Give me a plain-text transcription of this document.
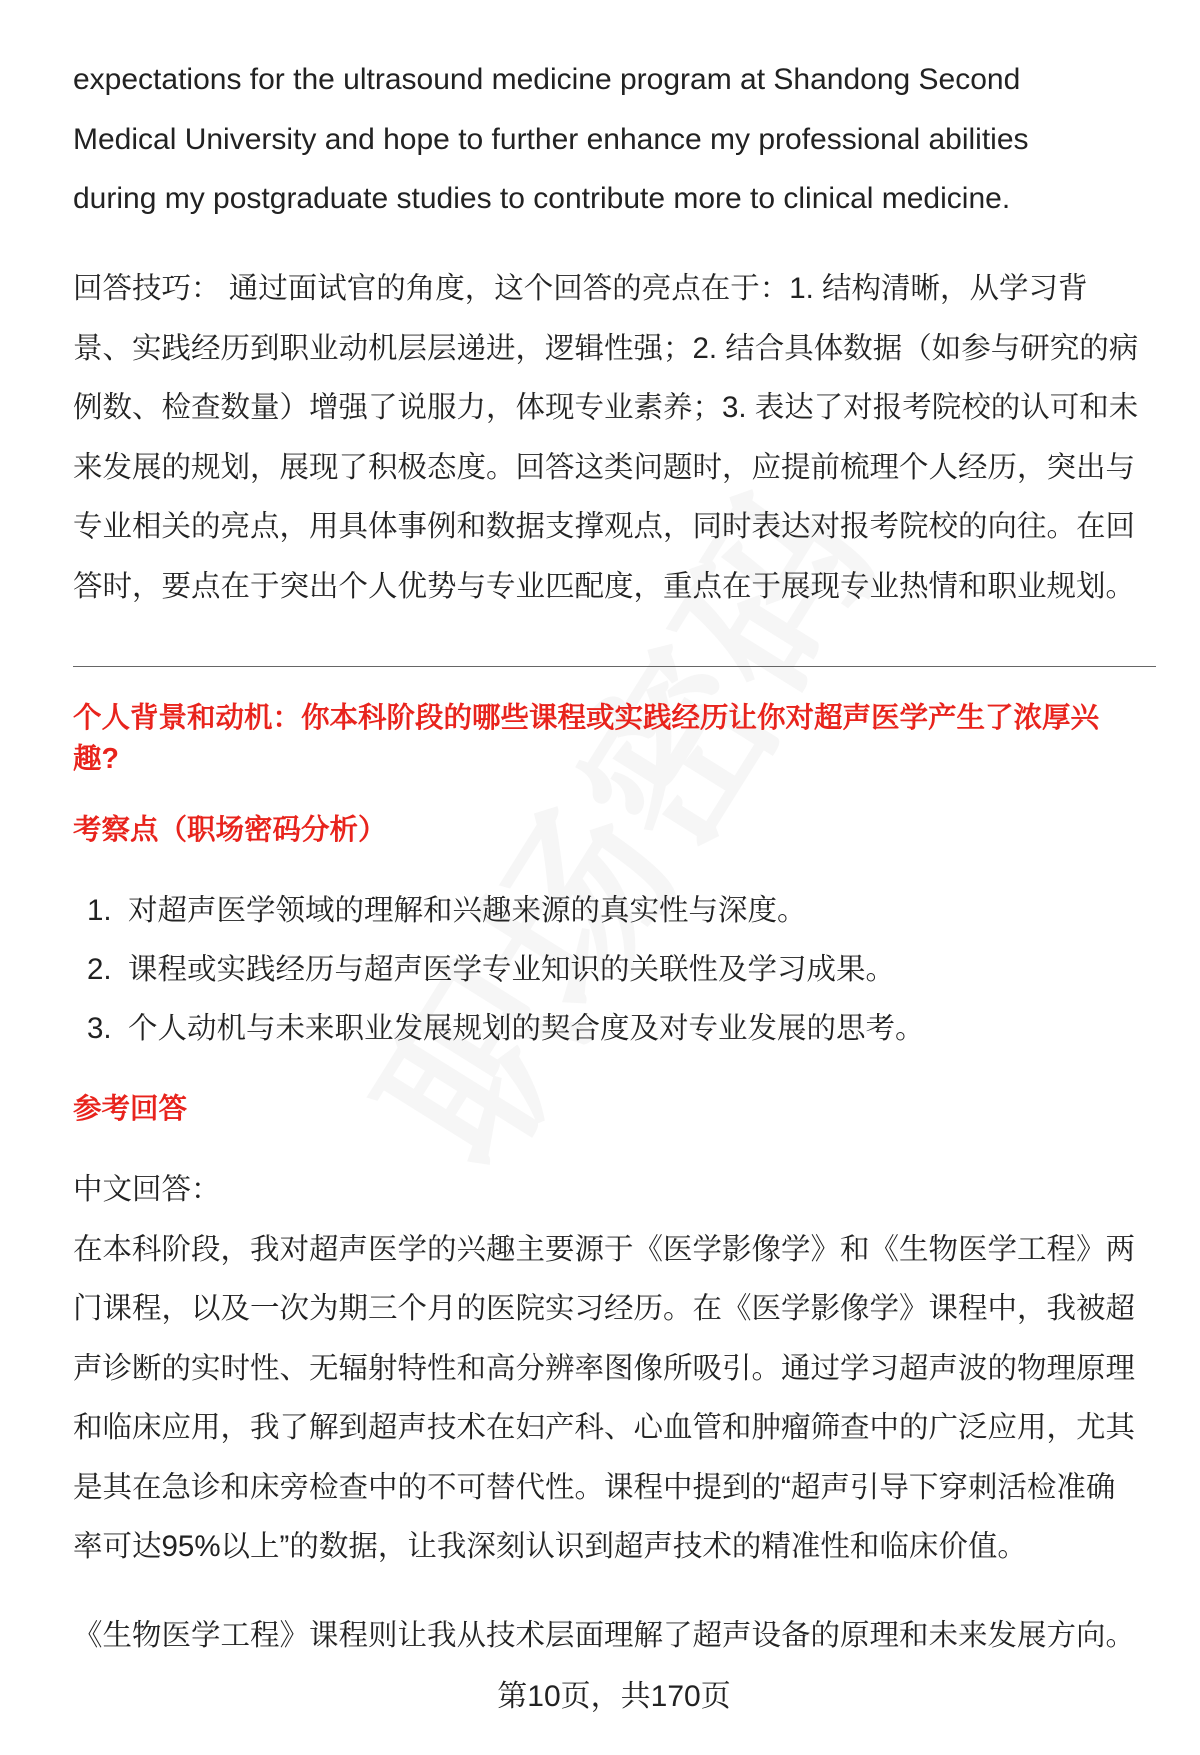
expectations for the ultrasound medicine program at Shandong Second
Medical University and hope to further enhance my professional abilities
during my postgraduate studies to contribute more to clinical medicine.
回答技巧： 通过面试官的角度，这个回答的亮点在于：1. 结构清晰，从学习背
景、实践经历到职业动机层层递进，逻辑性强；2. 结合具体数据（如参与研究的病
例数、检查数量）增强了说服力，体现专业素养；3. 表达了对报考院校的认可和未
来发展的规划，展现了积极态度。回答这类问题时，应提前梳理个人经历，突出与
专业相关的亮点，用具体事例和数据支撑观点，同时表达对报考院校的向往。在回
答时，要点在于突出个人优势与专业匹配度，重点在于展现专业热情和职业规划。
个人背景和动机：你本科阶段的哪些课程或实践经历让你对超声医学产生了浓厚兴
趣?
考察点（职场密码分析）
1. 对超声医学领域的理解和兴趣来源的真实性与深度。
2. 课程或实践经历与超声医学专业知识的关联性及学习成果。
3. 个人动机与未来职业发展规划的契合度及对专业发展的思考。
参考回答
中文回答：
在本科阶段，我对超声医学的兴趣主要源于《医学影像学》和《生物医学工程》两
门课程，以及一次为期三个月的医院实习经历。在《医学影像学》课程中，我被超
声诊断的实时性、无辐射特性和高分辨率图像所吸引。通过学习超声波的物理原理
和临床应用，我了解到超声技术在妇产科、心血管和肿瘤筛查中的广泛应用，尤其
是其在急诊和床旁检查中的不可替代性。课程中提到的“超声引导下穿刺活检准确
率可达95%以上”的数据，让我深刻认识到超声技术的精准性和临床价值。
《生物医学工程》课程则让我从技术层面理解了超声设备的原理和未来发展方向。
第10页，共170页
